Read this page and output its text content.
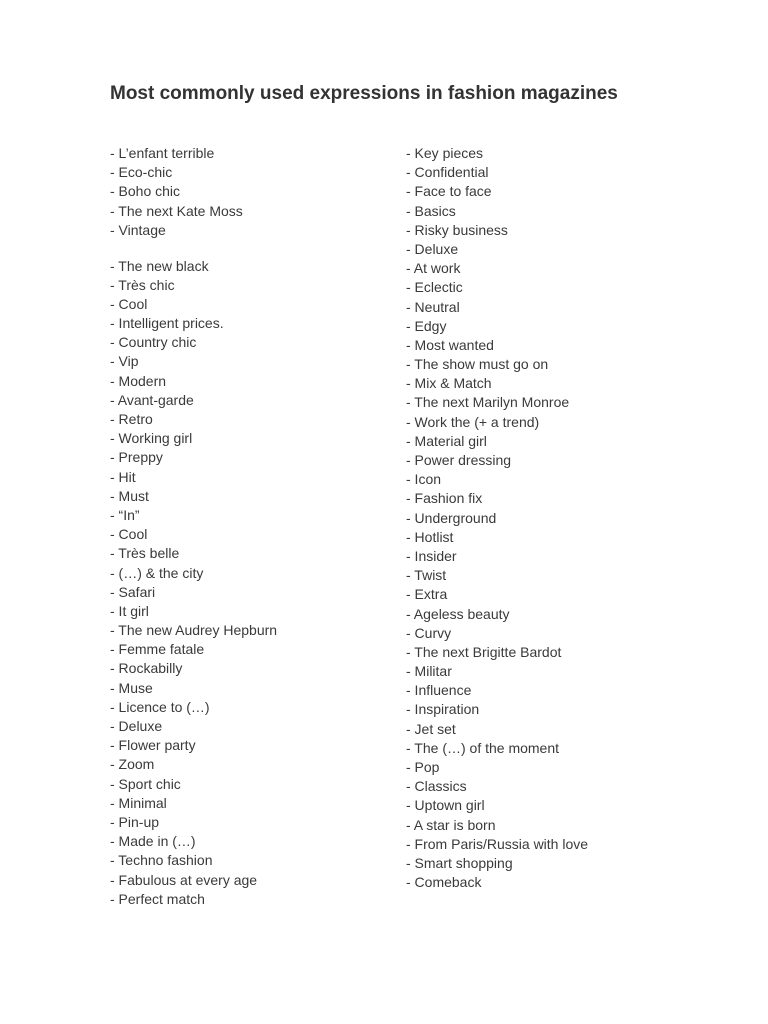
Most commonly used expressions in fashion magazines
- L’enfant terrible
- Eco-chic
- Boho chic
- The next Kate Moss
- Vintage
- The new black
- Très chic
- Cool
- Intelligent prices.
- Country chic
- Vip
- Modern
- Avant-garde
- Retro
- Working girl
- Preppy
- Hit
- Must
- “In”
- Cool
- Très belle
- (…) & the city
- Safari
- It girl
- The new Audrey Hepburn
- Femme fatale
- Rockabilly
- Muse
- Licence to (…)
- Deluxe
- Flower party
- Zoom
- Sport chic
- Minimal
- Pin-up
- Made in (…)
- Techno fashion
- Fabulous at every age
- Perfect match
- Key pieces
- Confidential
- Face to face
- Basics
- Risky business
- Deluxe
- At work
- Eclectic
- Neutral
- Edgy
- Most wanted
- The show must go on
- Mix & Match
- The next Marilyn Monroe
- Work the (+ a trend)
- Material girl
- Power dressing
- Icon
- Fashion fix
- Underground
- Hotlist
- Insider
- Twist
- Extra
- Ageless beauty
- Curvy
- The next Brigitte Bardot
- Militar
- Influence
- Inspiration
- Jet set
- The (…) of the moment
- Pop
- Classics
- Uptown girl
- A star is born
- From Paris/Russia with love
- Smart shopping
- Comeback
